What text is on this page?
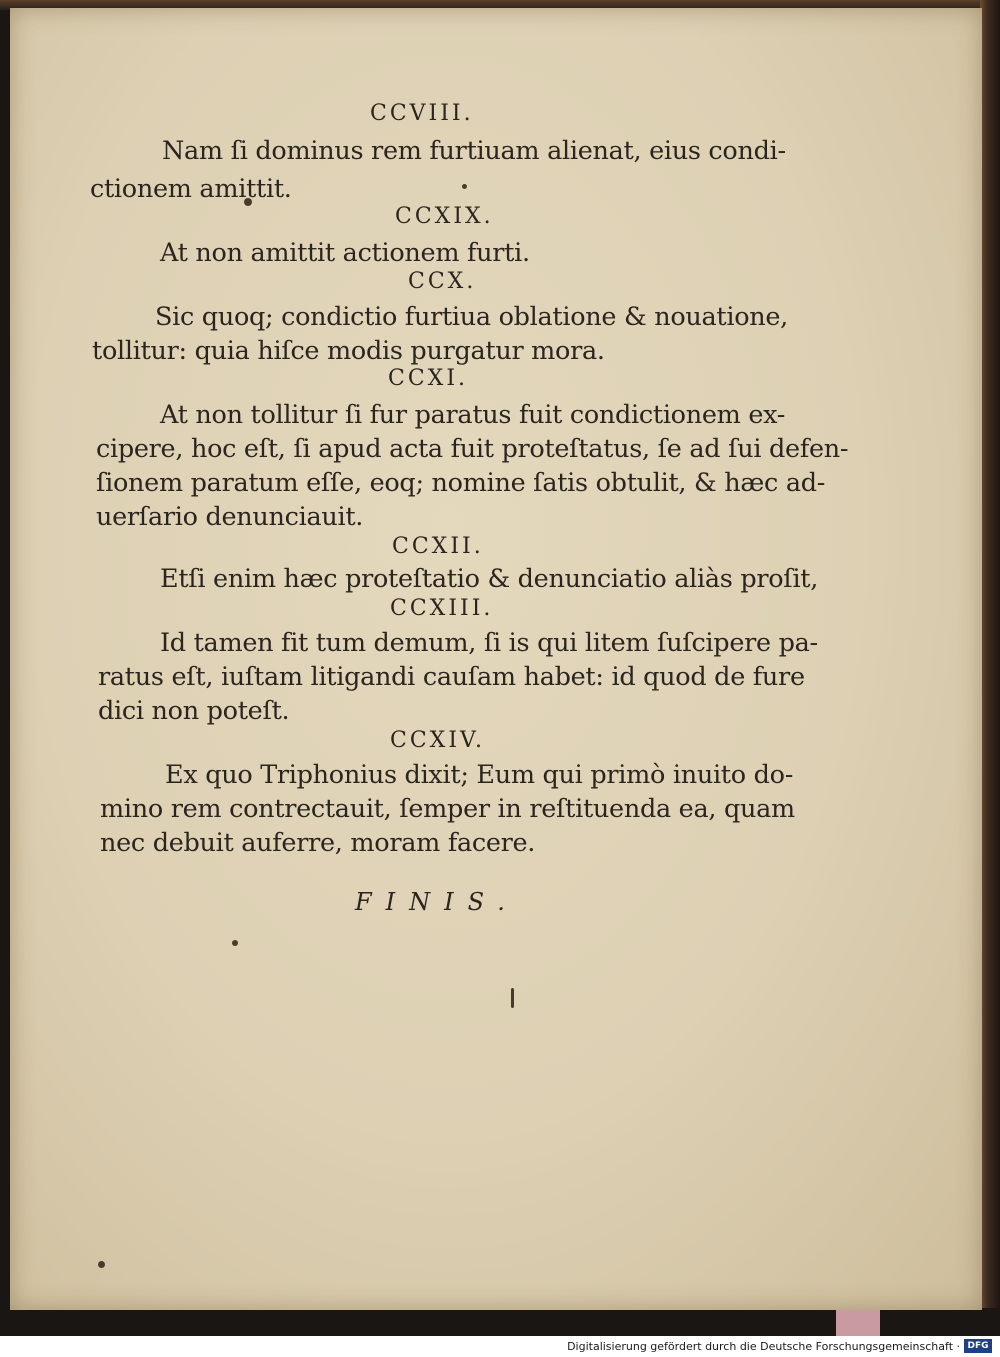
CCVIII.
Nam ſi dominus rem furtiuam alienat, eius condi-
ctionem amittit.
CCXIX.
At non amittit actionem furti.
CCX.
Sic quoq; condictio furtiua oblatione & nouatione,
tollitur: quia hiſce modis purgatur mora.
CCXI.
At non tollitur ſi fur paratus fuit condictionem ex-
cipere, hoc eſt, ſi apud acta fuit proteſtatus, ſe ad ſui defen-
ſionem paratum eſſe, eoq; nomine ſatis obtulit, & hæc ad-
uerſario denunciauit.
CCXII.
Etſi enim hæc proteſtatio & denunciatio aliàs proſit,
CCXIII.
Id tamen fit tum demum, ſi is qui litem ſuſcipere pa-
ratus eſt, iuſtam litigandi cauſam habet: id quod de fure
dici non poteſt.
CCXIV.
Ex quo Triphonius dixit; Eum qui primò inuito do-
mino rem contrectauit, ſemper in reſtituenda ea, quam
nec debuit auferre, moram facere.
FINIS.
Digitalisierung gefördert durch die Deutsche Forschungsgemeinschaft · DFG
